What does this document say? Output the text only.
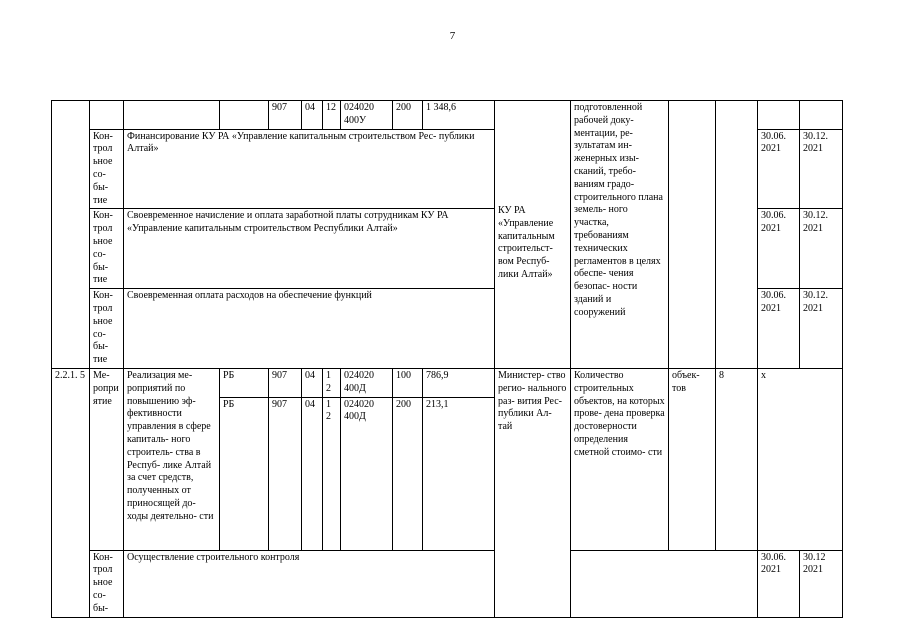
7
				907	04	12	024020 400У	200	1 348,6	КУ РА «Управление капитальным строительст- вом Респуб- лики Алтай»	подготовленной рабочей доку- ментации, ре- зультатам ин- женерных изы- сканий, требо- ваниям градо- строительного плана земель- ного участка, требованиям технических регламентов в целях обеспе- чения безопас- ности зданий и сооружений				
	Кон- трол ьное со- бы- тие	Финансирование КУ РА «Управление капитальным строительством Рес- публики Алтай»												30.06. 2021	30.12. 2021
	Кон- трол ьное со- бы- тие	Своевременное начисление и оплата заработной платы сотрудникам КУ РА «Управление капитальным строительством Республики Алтай»												30.06. 2021	30.12. 2021
	Кон- трол ьное со- бы- тие	Своевременная оплата расходов на обеспечение функций												30.06. 2021	30.12. 2021
2.2.1. 5	Ме- ропри ятие	Реализация ме- роприятий по повышению эф- фективности управления в сфере капиталь- ного строитель- ства в Респуб- лике Алтай за счет средств, полученных от приносящей до- ходы деятельно- сти	РБ	907	04	1 2	024020 400Д	100	786,9	Министер- ство регио- нального раз- вития Рес- публики Ал- тай	Количество строительных объектов, на которых прове- дена проверка достоверности определения сметной стоимо- сти	объек- тов	8	x	
			РБ	907	04	1 2	024020 400Д	200	213,1						
	Кон- трол ьное со- бы-	Осуществление строительного контроля												30.06. 2021	30.12 2021
